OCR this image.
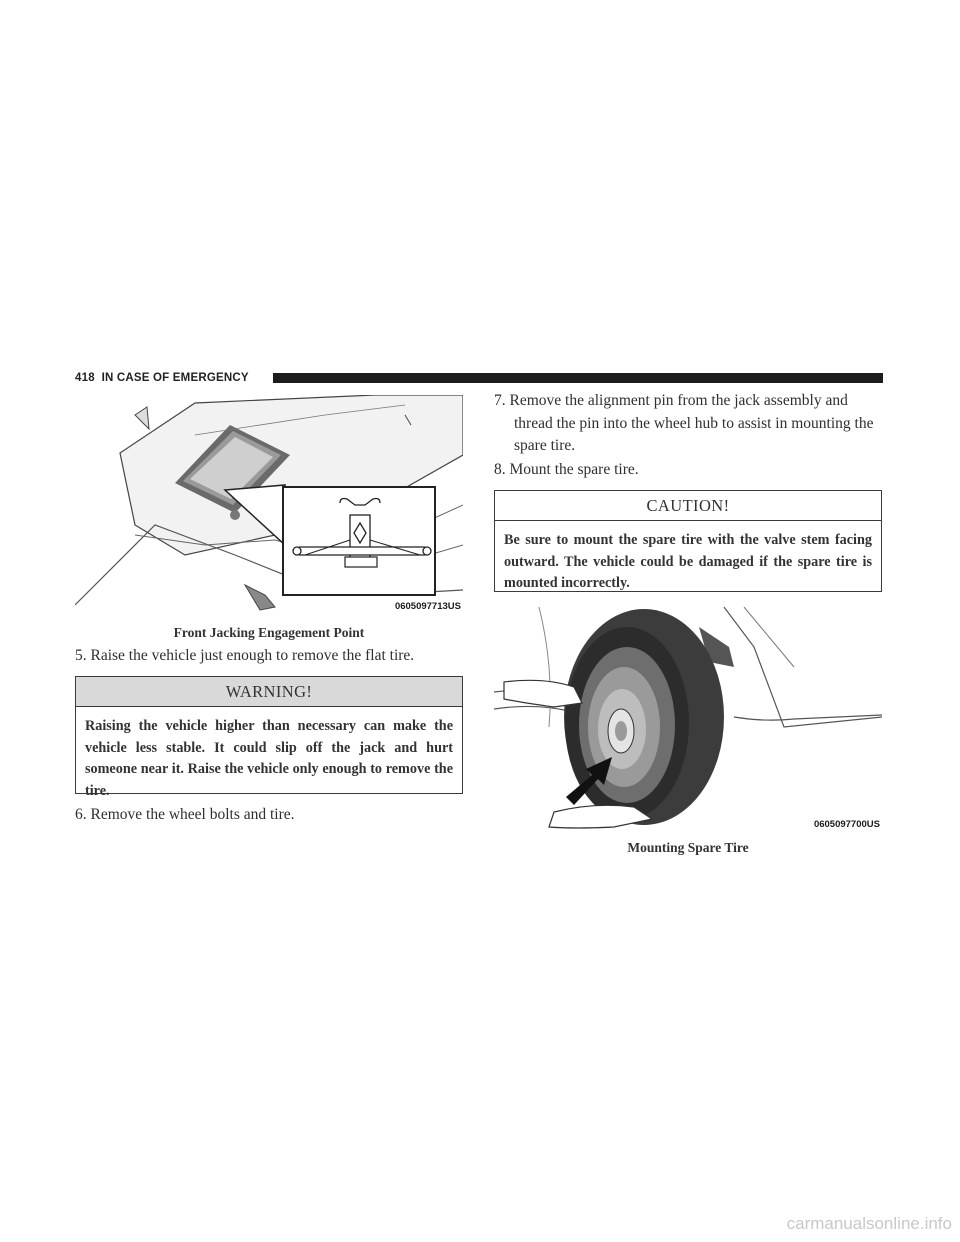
418 IN CASE OF EMERGENCY
0605097713US
Front Jacking Engagement Point
5. Raise the vehicle just enough to remove the flat tire.
WARNING!
Raising the vehicle higher than necessary can make the vehicle less stable. It could slip off the jack and hurt someone near it. Raise the vehicle only enough to remove the tire.
6. Remove the wheel bolts and tire.
7. Remove the alignment pin from the jack assembly and thread the pin into the wheel hub to assist in mounting the spare tire.
8. Mount the spare tire.
CAUTION!
Be sure to mount the spare tire with the valve stem facing outward. The vehicle could be damaged if the spare tire is mounted incorrectly.
0605097700US
Mounting Spare Tire
carmanualsonline.info
